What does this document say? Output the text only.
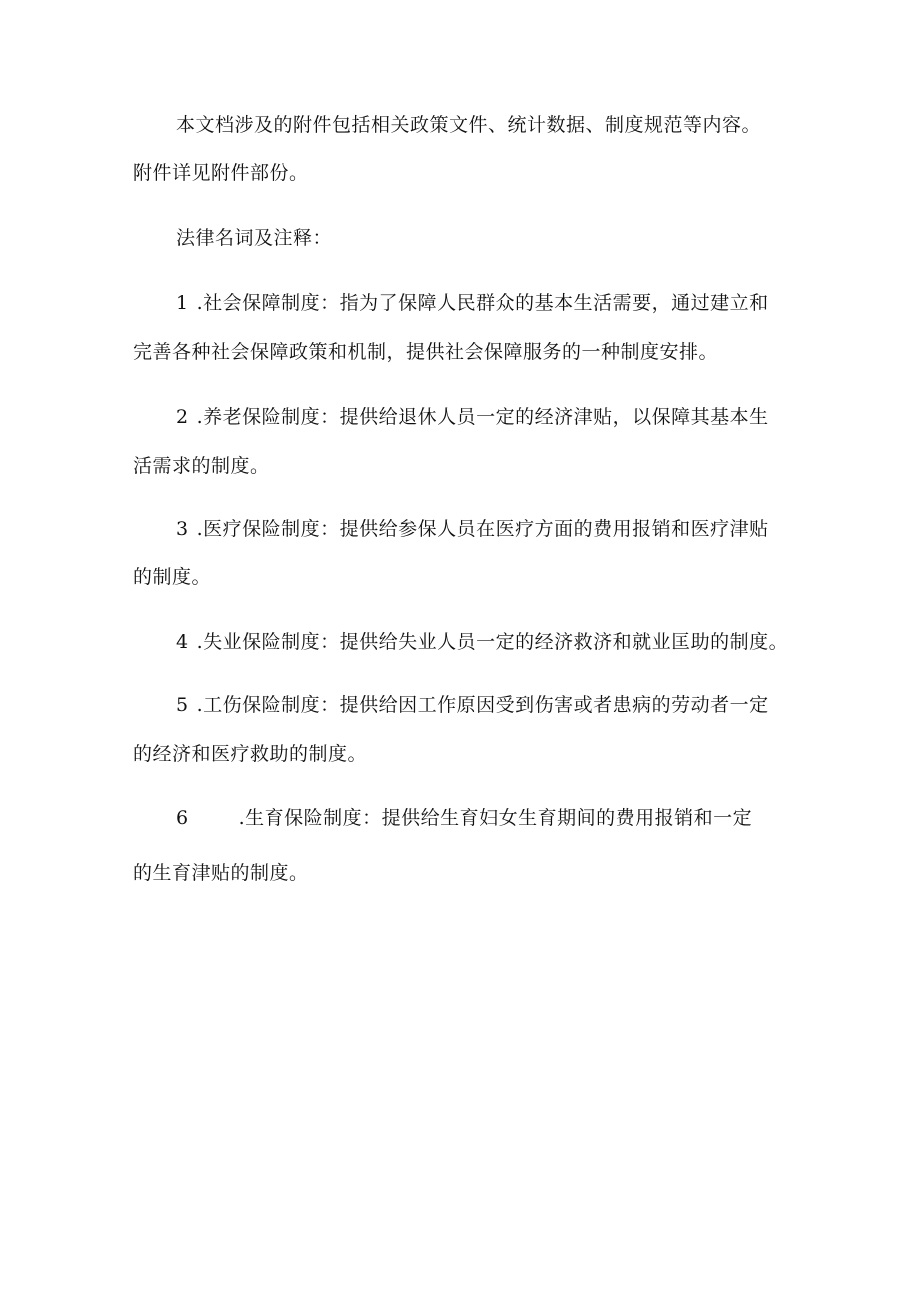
本文档涉及的附件包括相关政策文件、统计数据、制度规范等内容。
附件详见附件部份。
法律名词及注释：
1 .社会保障制度：指为了保障人民群众的基本生活需要，通过建立和
完善各种社会保障政策和机制，提供社会保障服务的一种制度安排。
2 .养老保险制度：提供给退休人员一定的经济津贴，以保障其基本生
活需求的制度。
3 .医疗保险制度：提供给参保人员在医疗方面的费用报销和医疗津贴
的制度。
4 .失业保险制度：提供给失业人员一定的经济救济和就业匡助的制度。
5 .工伤保险制度：提供给因工作原因受到伤害或者患病的劳动者一定
的经济和医疗救助的制度。
6	.生育保险制度：提供给生育妇女生育期间的费用报销和一定
的生育津贴的制度。
